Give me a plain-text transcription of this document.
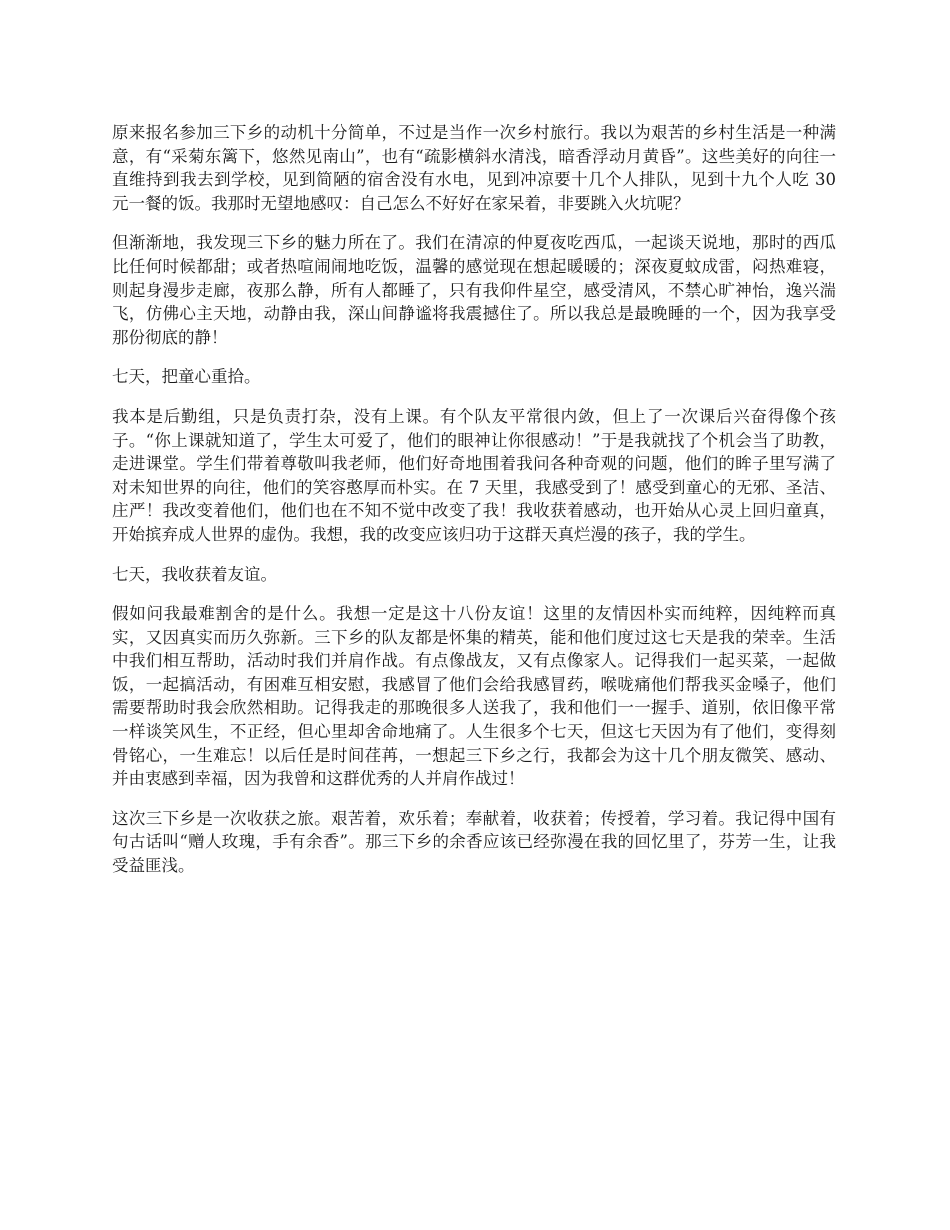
原来报名参加三下乡的动机十分简单，不过是当作一次乡村旅行。我以为艰苦的乡村生活是一种满意，有“采菊东篱下，悠然见南山”，也有“疏影横斜水清浅，暗香浮动月黄昏”。这些美好的向往一直维持到我去到学校，见到简陋的宿舍没有水电，见到冲凉要十几个人排队，见到十九个人吃 30 元一餐的饭。我那时无望地感叹：自己怎么不好好在家呆着，非要跳入火坑呢？

但渐渐地，我发现三下乡的魅力所在了。我们在清凉的仲夏夜吃西瓜，一起谈天说地，那时的西瓜比任何时候都甜；或者热喧闹闹地吃饭，温馨的感觉现在想起暖暖的；深夜夏蚊成雷，闷热难寝，则起身漫步走廊，夜那么静，所有人都睡了，只有我仰件星空，感受清风，不禁心旷神怡，逸兴湍飞，仿佛心主天地，动静由我，深山间静谧将我震撼住了。所以我总是最晚睡的一个，因为我享受那份彻底的静！

七天，把童心重拾。

我本是后勤组，只是负责打杂，没有上课。有个队友平常很内敛，但上了一次课后兴奋得像个孩子。“你上课就知道了，学生太可爱了，他们的眼神让你很感动！”于是我就找了个机会当了助教，走进课堂。学生们带着尊敬叫我老师，他们好奇地围着我问各种奇观的问题，他们的眸子里写满了对未知世界的向往，他们的笑容憨厚而朴实。在 7 天里，我感受到了！感受到童心的无邪、圣洁、庄严！我改变着他们，他们也在不知不觉中改变了我！我收获着感动，也开始从心灵上回归童真，开始摈弃成人世界的虚伪。我想，我的改变应该归功于这群天真烂漫的孩子，我的学生。

七天，我收获着友谊。

假如问我最难割舍的是什么。我想一定是这十八份友谊！这里的友情因朴实而纯粹，因纯粹而真实，又因真实而历久弥新。三下乡的队友都是怀集的精英，能和他们度过这七天是我的荣幸。生活中我们相互帮助，活动时我们并肩作战。有点像战友，又有点像家人。记得我们一起买菜，一起做饭，一起搞活动，有困难互相安慰，我感冒了他们会给我感冒药，喉咙痛他们帮我买金嗓子，他们需要帮助时我会欣然相助。记得我走的那晚很多人送我了，我和他们一一握手、道别，依旧像平常一样谈笑风生，不正经，但心里却舍命地痛了。人生很多个七天，但这七天因为有了他们，变得刻骨铭心，一生难忘！以后任是时间荏苒，一想起三下乡之行，我都会为这十几个朋友微笑、感动、并由衷感到幸福，因为我曾和这群优秀的人并肩作战过！

这次三下乡是一次收获之旅。艰苦着，欢乐着；奉献着，收获着；传授着，学习着。我记得中国有句古话叫“赠人玫瑰，手有余香”。那三下乡的余香应该已经弥漫在我的回忆里了，芬芳一生，让我受益匪浅。
